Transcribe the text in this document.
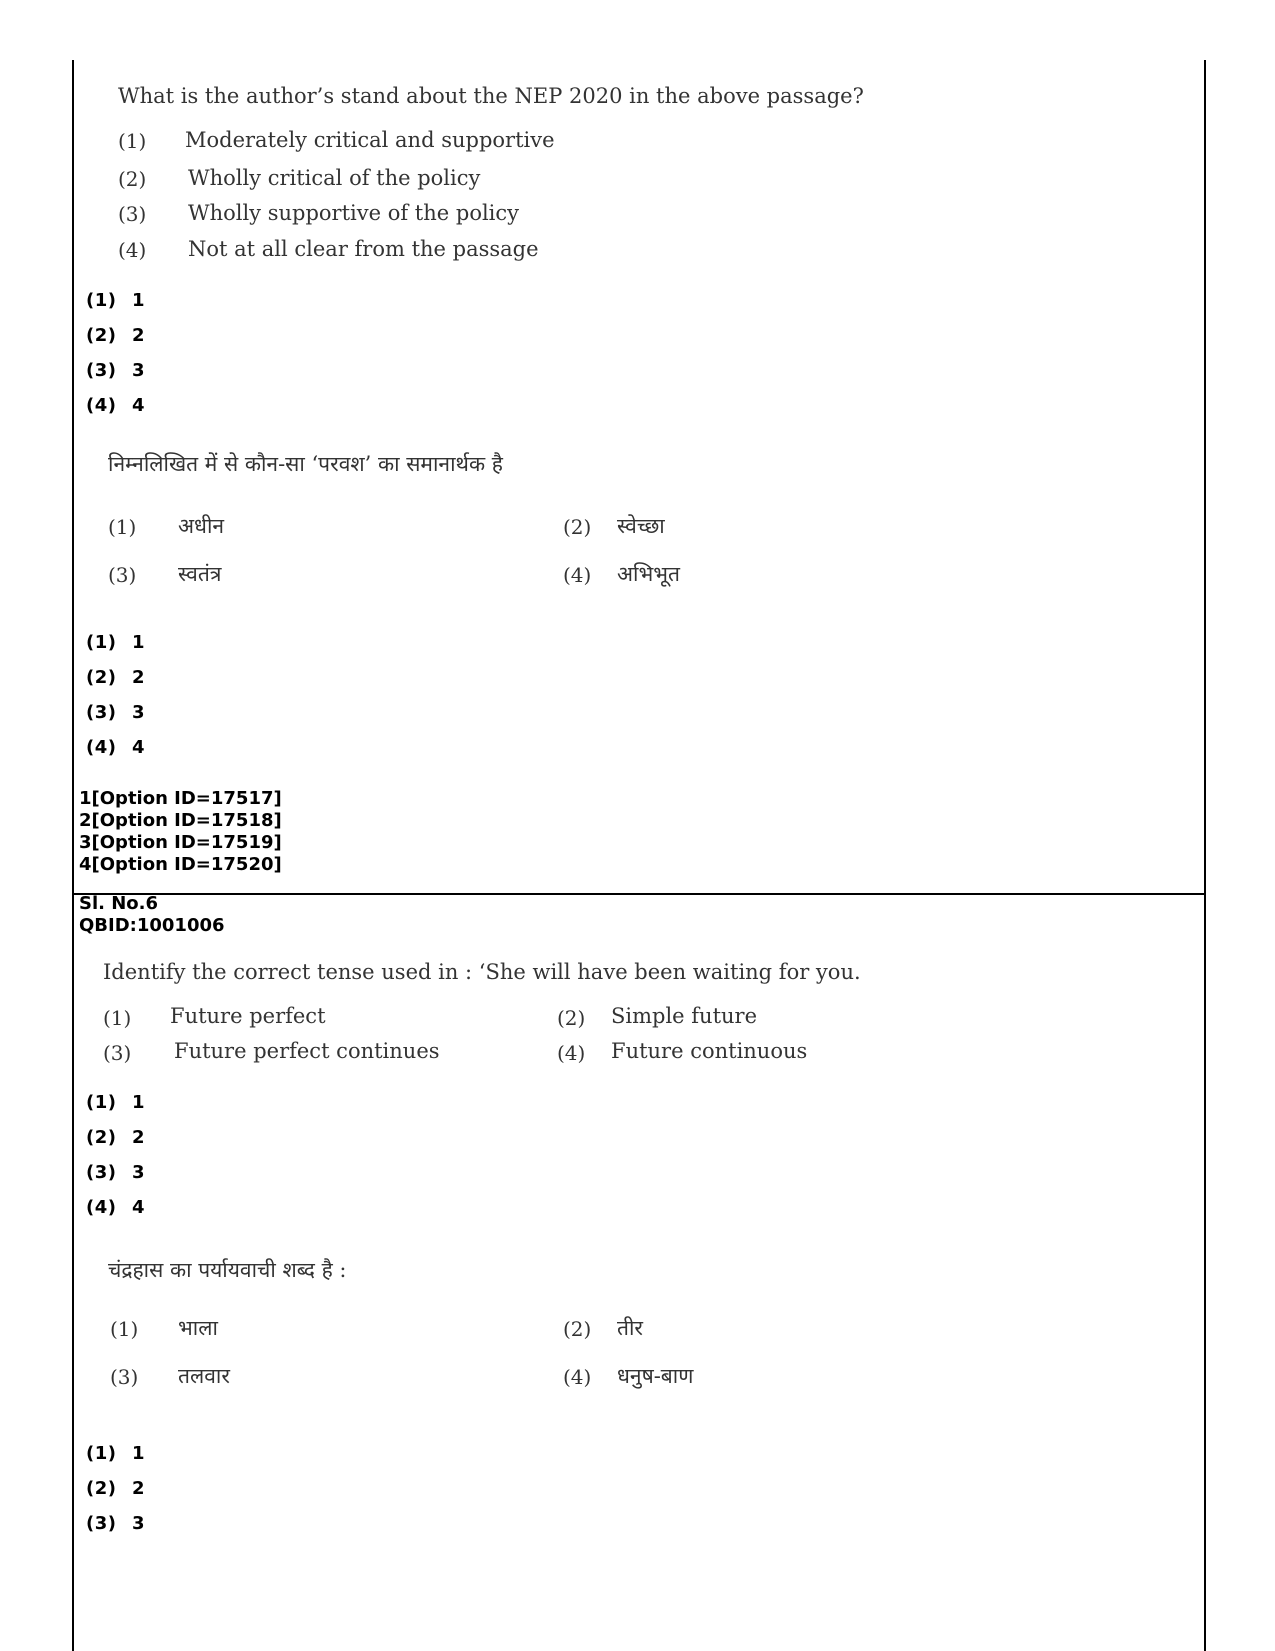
What is the author’s stand about the NEP 2020 in the above passage?
(1) Moderately critical and supportive
(2) Wholly critical of the policy
(3) Wholly supportive of the policy
(4) Not at all clear from the passage
(1) 1
(2) 2
(3) 3
(4) 4
निम्नलिखित में से कौन-सा ‘परवश’ का समानार्थक है
(1) अधीन	(2) स्वेच्छा
(3) स्वतंत्र	(4) अभिभूत
(1) 1
(2) 2
(3) 3
(4) 4
1[Option ID=17517]
2[Option ID=17518]
3[Option ID=17519]
4[Option ID=17520]
Sl. No.6
QBID:1001006
Identify the correct tense used in : ‘She will have been waiting for you.
(1) Future perfect	(2) Simple future
(3) Future perfect continues	(4) Future continuous
(1) 1
(2) 2
(3) 3
(4) 4
चंद्रहास का पर्यायवाची शब्द है :
(1) भाला	(2) तीर
(3) तलवार	(4) धनुष-बाण
(1) 1
(2) 2
(3) 3
